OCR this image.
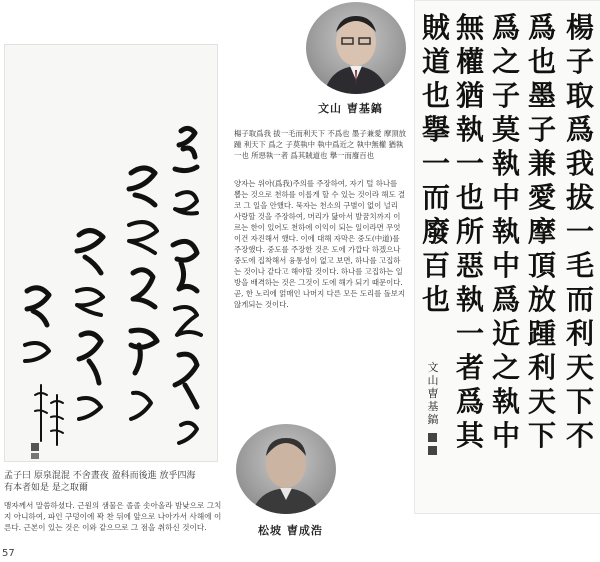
孟子曰 原泉混混 不舍晝夜 盈科而後進 放乎四海
有本者如是 是之取爾
맹자께서 말씀하셨다. 근원의 샘물은 졸졸 솟아올라 밤낮으로 그치지 아니하여, 파인 구덩이에 꽉 찬 뒤에 앞으로 나아가서 사해에 이른다. 근본이 있는 것은 이와 같으므로 그 점을 취하신 것이다.
57
文山 曺基鎬
楊子取爲我 拔一毛而利天下 不爲也 墨子兼愛 摩頂放踵 利天下 爲之 子莫執中 執中爲近之 執中無權 猶執一也 所惡執一者 爲其賊道也 擧一而廢百也
양자는 위아(爲我)주의를 주장하여, 자기 털 하나를 뽑는 것으로 천하를 이롭게 할 수 있는 것이라 해도 결코 그 일을 안했다. 묵자는 천소의 구별이 없이 널리 사랑할 것을 주장하여, 머리가 닳아서 발꿈치까지 이르는 한이 있어도 천하에 이익이 되는 일이라면 무엇이건 자진해서 했다. 이에 대해 자막은 중도(中道)를 주장했다. 중도를 주장한 것은 도에 가깝다 하겠으나 중도에 집착해서 융통성이 없고 보면, 하나를 고집하는 것이나 같다고 해야할 것이다. 하나를 고집하는 일방을 배격하는 것은 그것이 도에 해가 되기 때문이다. 곧, 한 노리에 얽매인 나머지 다른 모든 도리를 돌보지 않게되는 것이다.
松坡 曺成浩
楊
子
取
爲
我
拔
一
毛
而
利
天
下
不
爲
也
墨
子
兼
愛
摩
頂
放
踵
利
天
下
爲
之
子
莫
執
中
執
中
爲
近
之
執
中
無
權
猶
執
一
也
所
惡
執
一
者
爲
其
賊
道
也
擧
一
而
廢
百
也
文
山
曺
基
鎬
